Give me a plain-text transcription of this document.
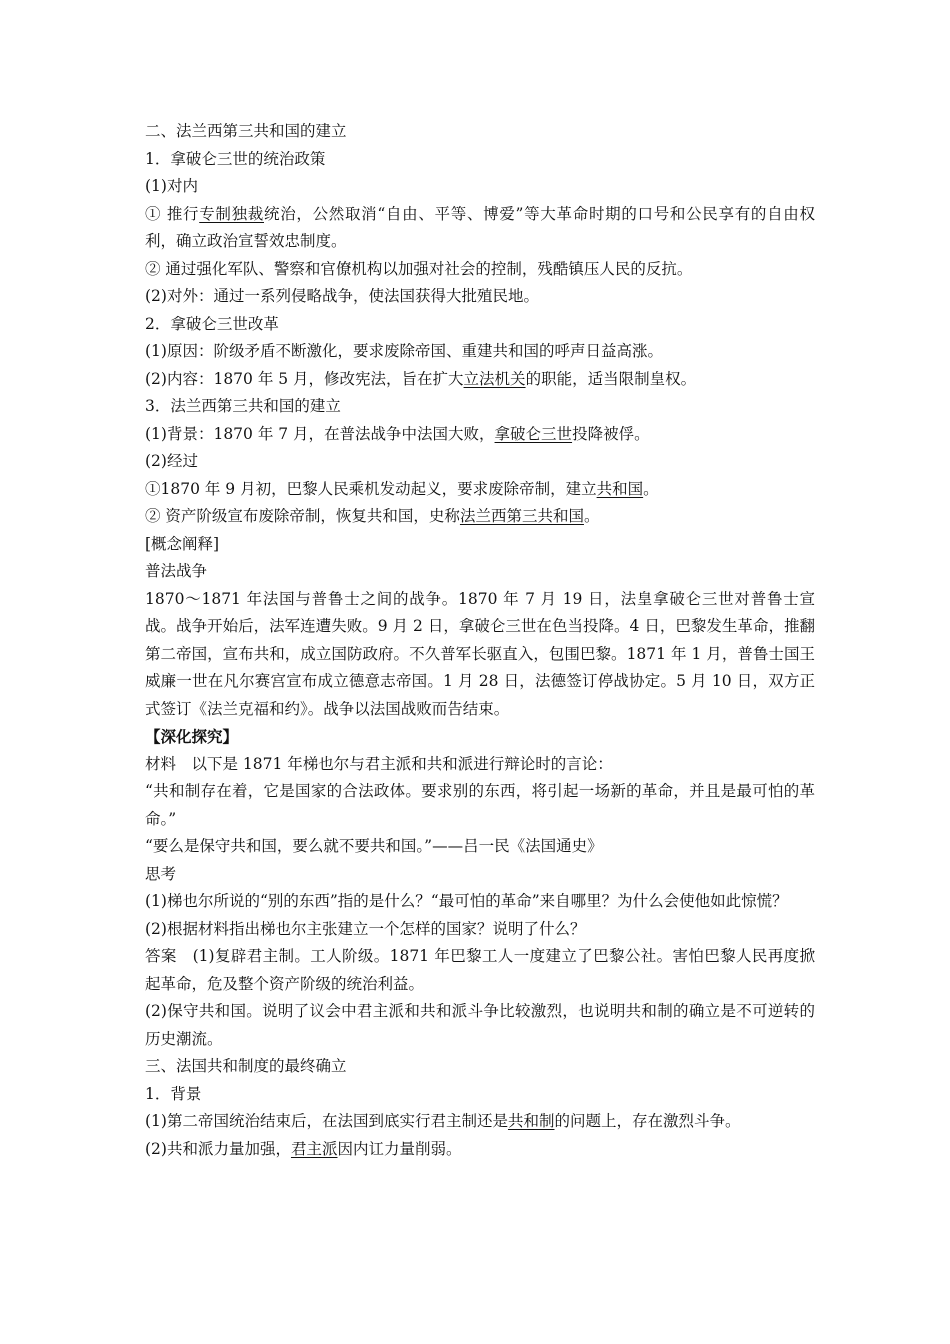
二、法兰西第三共和国的建立

1．拿破仑三世的统治政策

(1)对内

① 推行专制独裁统治，公然取消“自由、平等、博爱”等大革命时期的口号和公民享有的自由权利，确立政治宣誓效忠制度。

② 通过强化军队、警察和官僚机构以加强对社会的控制，残酷镇压人民的反抗。

(2)对外：通过一系列侵略战争，使法国获得大批殖民地。

2．拿破仑三世改革

(1)原因：阶级矛盾不断激化，要求废除帝国、重建共和国的呼声日益高涨。

(2)内容：1870 年 5 月，修改宪法，旨在扩大立法机关的职能，适当限制皇权。

3．法兰西第三共和国的建立

(1)背景：1870 年 7 月，在普法战争中法国大败，拿破仑三世投降被俘。

(2)经过

①1870 年 9 月初，巴黎人民乘机发动起义，要求废除帝制，建立共和国。

② 资产阶级宣布废除帝制，恢复共和国，史称法兰西第三共和国。

[概念阐释]

普法战争

1870～1871 年法国与普鲁士之间的战争。1870 年 7 月 19 日，法皇拿破仑三世对普鲁士宣战。战争开始后，法军连遭失败。9 月 2 日，拿破仑三世在色当投降。4 日，巴黎发生革命，推翻第二帝国，宣布共和，成立国防政府。不久普军长驱直入，包围巴黎。1871 年 1 月，普鲁士国王威廉一世在凡尔赛宫宣布成立德意志帝国。1 月 28 日，法德签订停战协定。5 月 10 日，双方正式签订《法兰克福和约》。战争以法国战败而告结束。

【深化探究】

材料　以下是 1871 年梯也尔与君主派和共和派进行辩论时的言论：

“共和制存在着，它是国家的合法政体。要求别的东西，将引起一场新的革命，并且是最可怕的革命。”

“要么是保守共和国，要么就不要共和国。”——吕一民《法国通史》

思考

(1)梯也尔所说的“别的东西”指的是什么？“最可怕的革命”来自哪里？为什么会使他如此惊慌？

(2)根据材料指出梯也尔主张建立一个怎样的国家？说明了什么？

答案　(1)复辟君主制。工人阶级。1871 年巴黎工人一度建立了巴黎公社。害怕巴黎人民再度掀起革命，危及整个资产阶级的统治利益。

(2)保守共和国。说明了议会中君主派和共和派斗争比较激烈，也说明共和制的确立是不可逆转的历史潮流。

三、法国共和制度的最终确立

1．背景

(1)第二帝国统治结束后，在法国到底实行君主制还是共和制的问题上，存在激烈斗争。

(2)共和派力量加强，君主派因内讧力量削弱。
